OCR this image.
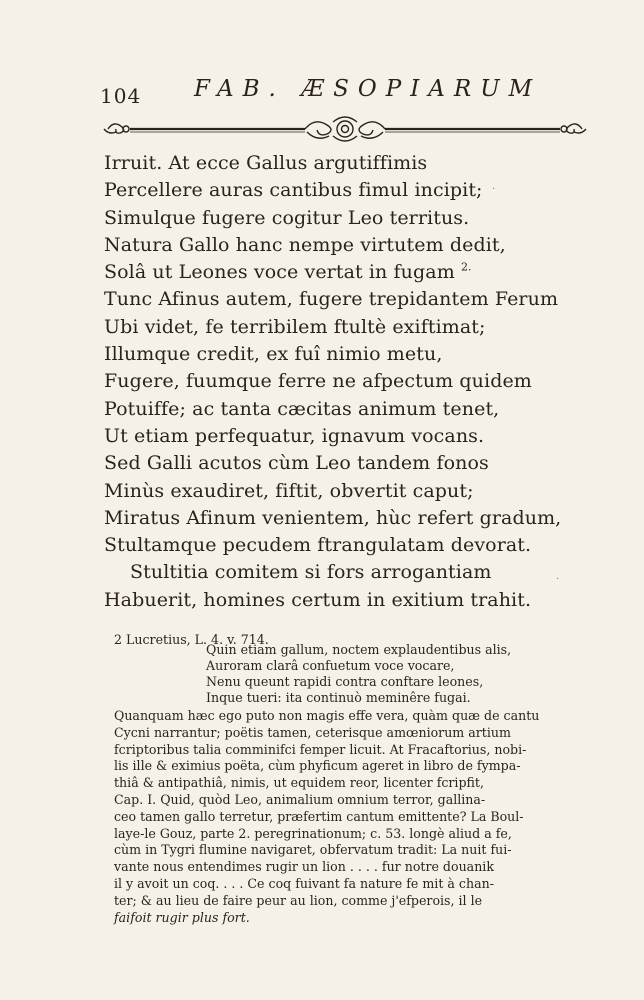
104 FAB. ÆSOPIARUM
Irruit. At ecce Gallus argutiffimis
Percellere auras cantibus fimul incipit;
Simulque fugere cogitur Leo territus.
Natura Gallo hanc nempe virtutem dedit,
Solâ ut Leones voce vertat in fugam $^{2.}$
Tunc Afinus autem, fugere trepidantem Ferum
Ubi videt, fe terribilem ftultè exiftimat;
Illumque credit, ex fuî nimio metu,
Fugere, fuumque ferre ne afpectum quidem
Potuiffe; ac tanta cæcitas animum tenet,
Ut etiam perfequatur, ignavum vocans.
Sed Galli acutos cùm Leo tandem fonos
Minùs exaudiret, fiftit, obvertit caput;
Miratus Afinum venientem, hùc refert gradum,
Stultamque pecudem ftrangulatam devorat.
Stultitia comitem si fors arrogantiam
Habuerit, homines certum in exitium trahit.
2 Lucretius, L. 4. v. 714.
Quin etiam gallum, noctem explaudentibus alis,
Auroram clarâ confuetum voce vocare,
Nenu queunt rapidi contra conftare leones,
Inque tueri: ita continuò meminêre fugai.
Quanquam hæc ego puto non magis effe vera, quàm quæ de cantu
Cycni narrantur; poëtis tamen, ceterisque amœniorum artium
fcriptoribus talia comminifci femper licuit. At Fracaftorius, nobi-
lis ille & eximius poëta, cùm phyficum ageret in libro de fympa-
thiâ & antipathiâ, nimis, ut equidem reor, licenter fcripfit,
Cap. I. Quid, quòd Leo, animalium omnium terror, gallina-
ceo tamen gallo terretur, præfertim cantum emittente? La Boul-
laye-le Gouz, parte 2. peregrinationum; c. 53. longè aliud a fe,
cùm in Tygri flumine navigaret, obfervatum tradit: La nuit fui-
vante nous entendimes rugir un lion . . . . fur notre douanik
il y avoit un coq. . . . Ce coq fuivant fa nature fe mit à chan-
ter; & au lieu de faire peur au lion, comme j'efperois, il le
faifoit rugir plus fort.
·
·
